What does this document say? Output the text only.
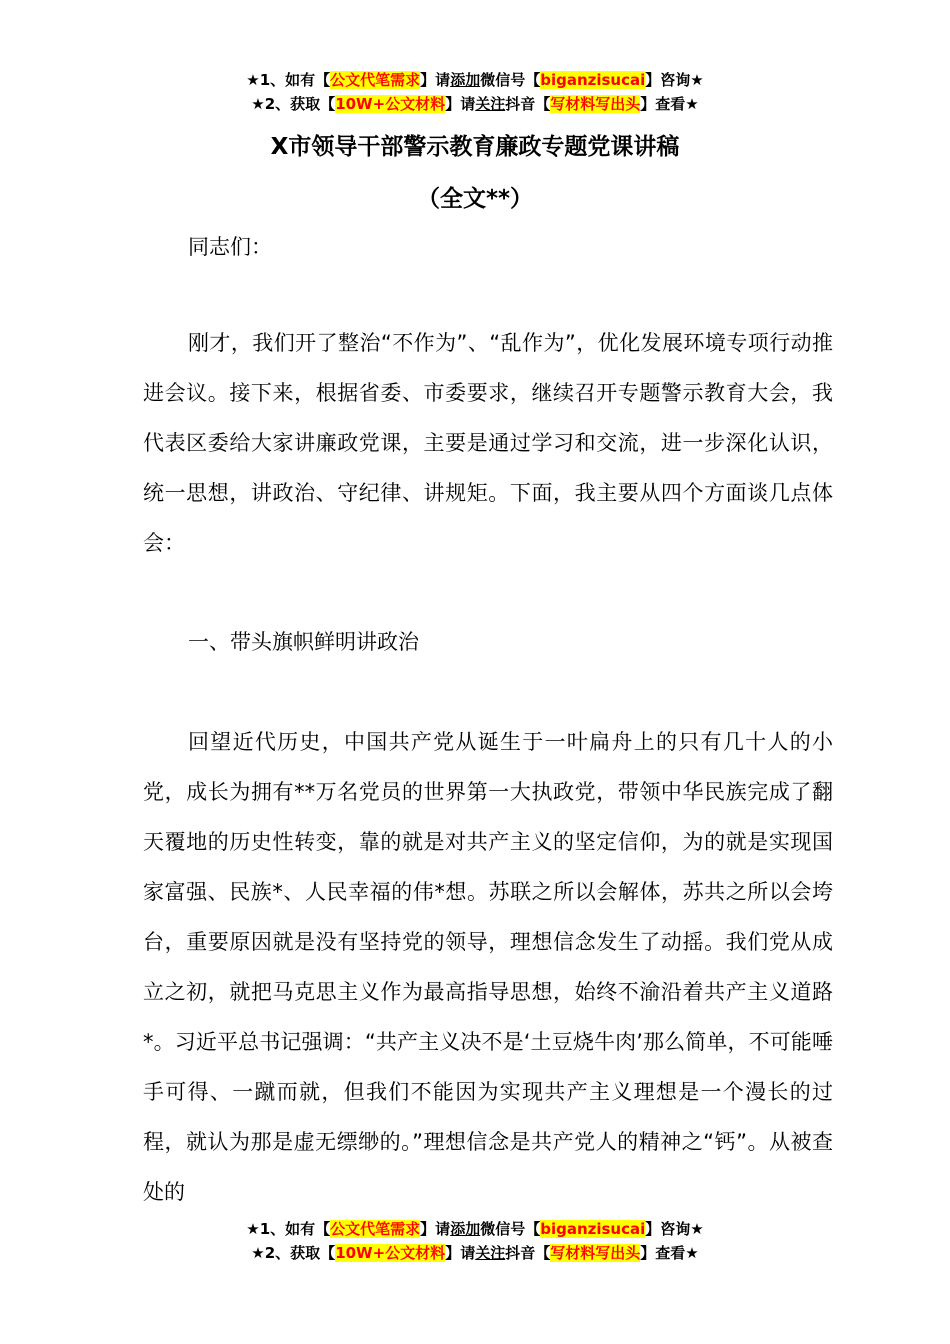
★1、如有【公文代笔需求】请添加微信号【biganzisucai】咨询★
★2、获取【10W+公文材料】请关注抖音【写材料写出头】查看★
X市领导干部警示教育廉政专题党课讲稿
（全文**）
同志们：
刚才，我们开了整治“不作为”、“乱作为”，优化发展环境专项行动推进会议。接下来，根据省委、市委要求，继续召开专题警示教育大会，我代表区委给大家讲廉政党课，主要是通过学习和交流，进一步深化认识，统一思想，讲政治、守纪律、讲规矩。下面，我主要从四个方面谈几点体会：
一、带头旗帜鲜明讲政治
回望近代历史，中国共产党从诞生于一叶扁舟上的只有几十人的小党，成长为拥有**万名党员的世界第一大执政党，带领中华民族完成了翻天覆地的历史性转变，靠的就是对共产主义的坚定信仰，为的就是实现国家富强、民族*、人民幸福的伟*想。苏联之所以会解体，苏共之所以会垮台，重要原因就是没有坚持党的领导，理想信念发生了动摇。我们党从成立之初，就把马克思主义作为最高指导思想，始终不渝沿着共产主义道路*。习近平总书记强调：“共产主义决不是‘土豆烧牛肉’那么简单，不可能唾手可得、一蹴而就，但我们不能因为实现共产主义理想是一个漫长的过程，就认为那是虚无缥缈的。”理想信念是共产党人的精神之“钙”。从被查处的
★1、如有【公文代笔需求】请添加微信号【biganzisucai】咨询★
★2、获取【10W+公文材料】请关注抖音【写材料写出头】查看★
